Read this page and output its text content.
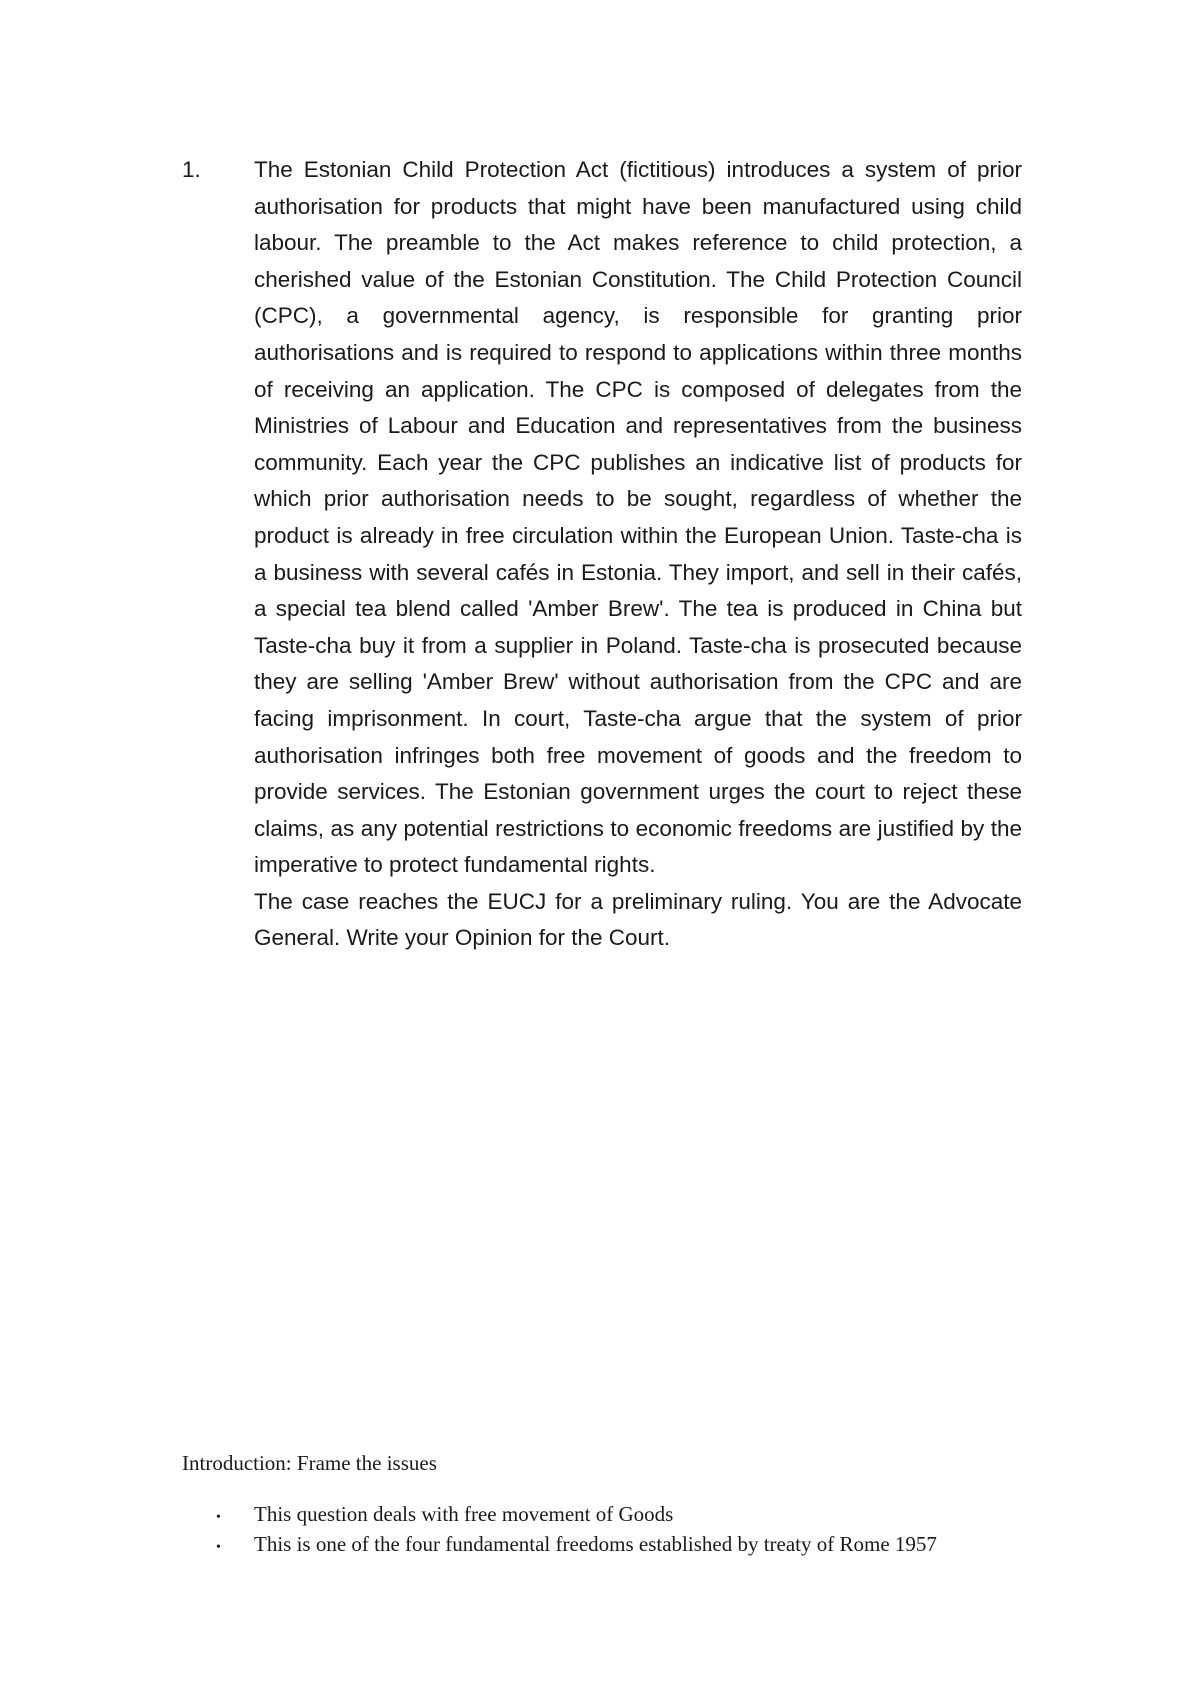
1.	The Estonian Child Protection Act (fictitious) introduces a system of prior authorisation for products that might have been manufactured using child labour. The preamble to the Act makes reference to child protection, a cherished value of the Estonian Constitution. The Child Protection Council (CPC), a governmental agency, is responsible for granting prior authorisations and is required to respond to applications within three months of receiving an application. The CPC is composed of delegates from the Ministries of Labour and Education and representatives from the business community. Each year the CPC publishes an indicative list of products for which prior authorisation needs to be sought, regardless of whether the product is already in free circulation within the European Union. Taste-cha is a business with several cafés in Estonia. They import, and sell in their cafés, a special tea blend called 'Amber Brew'. The tea is produced in China but Taste-cha buy it from a supplier in Poland. Taste-cha is prosecuted because they are selling 'Amber Brew' without authorisation from the CPC and are facing imprisonment. In court, Taste-cha argue that the system of prior authorisation infringes both free movement of goods and the freedom to provide services. The Estonian government urges the court to reject these claims, as any potential restrictions to economic freedoms are justified by the imperative to protect fundamental rights.
The case reaches the EUCJ for a preliminary ruling. You are the Advocate General. Write your Opinion for the Court.

Introduction: Frame the issues

•	This question deals with free movement of Goods
•	This is one of the four fundamental freedoms established by treaty of Rome 1957
